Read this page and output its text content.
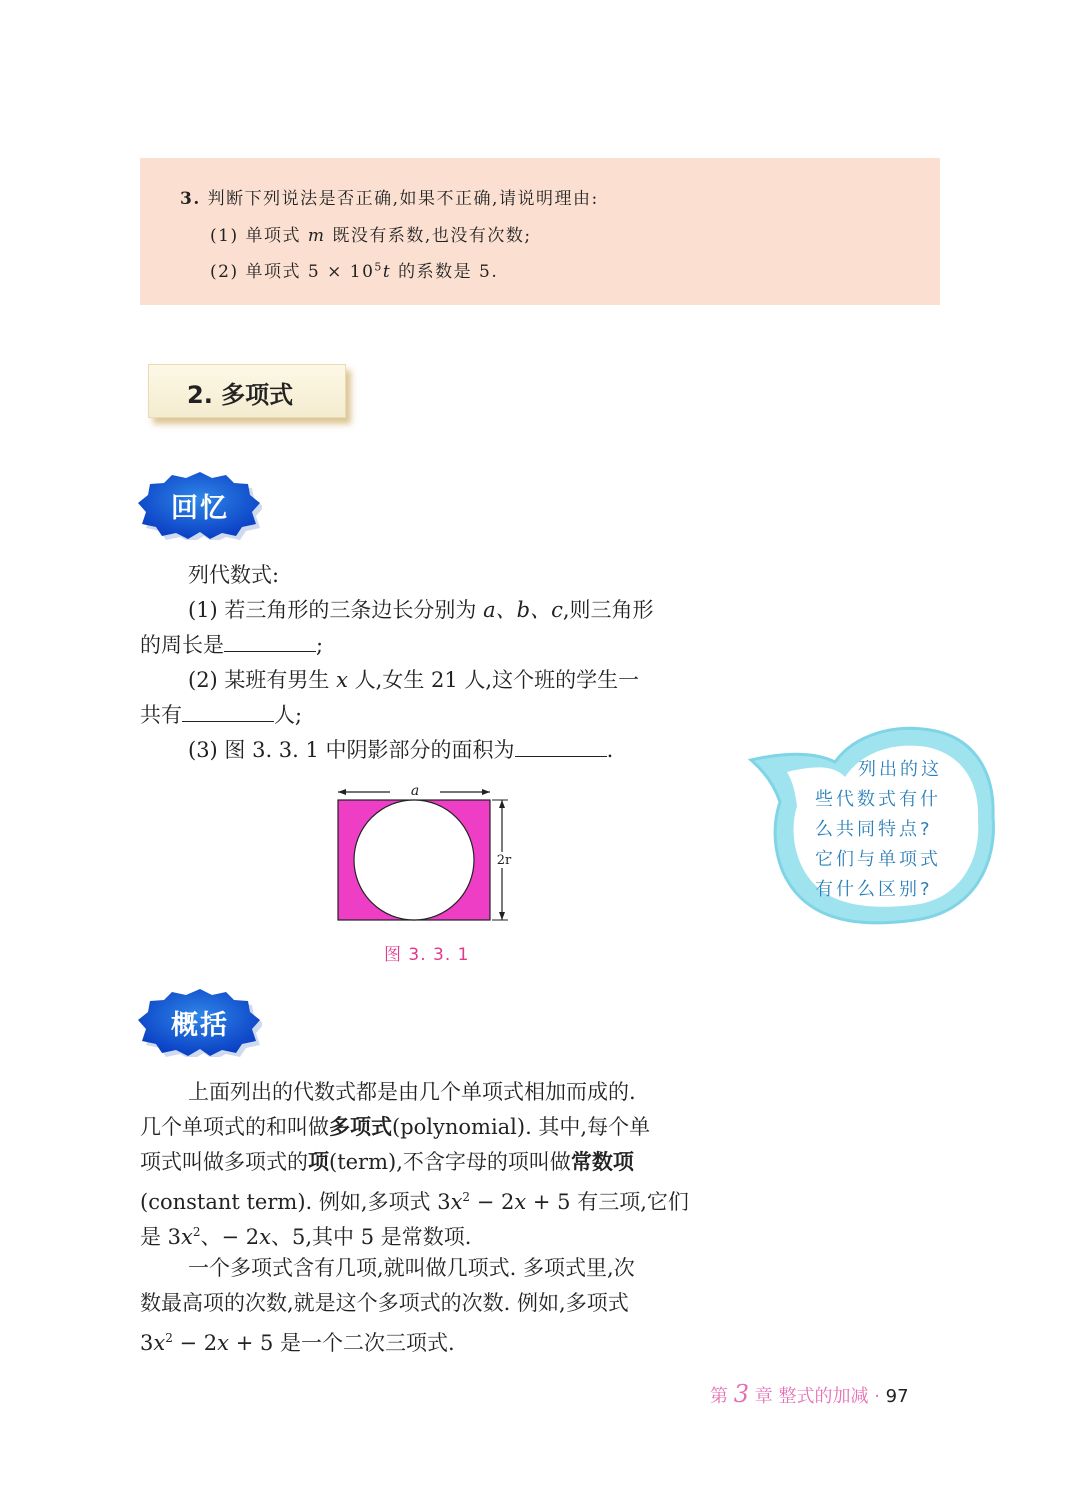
3. 判断下列说法是否正确,如果不正确,请说明理由:
(1) 单项式 m 既没有系数,也没有次数;
(2) 单项式 $5 \times 10^5t$ 的系数是 5.
2. 多项式
回忆
列代数式:
(1) 若三角形的三条边长分别为 a、b、c,则三角形
的周长是	;
(2) 某班有男生 x 人,女生 21 人,这个班的学生一
共有	人;
(3) 图 3. 3. 1 中阴影部分的面积为	.
a
2r
图 3. 3. 1
列出的这
些代数式有什
么共同特点?
它们与单项式
有什么区别?
概括
上面列出的代数式都是由几个单项式相加而成的.
几个单项式的和叫做多项式(polynomial). 其中,每个单
项式叫做多项式的项(term),不含字母的项叫做常数项
(constant term). 例如,多项式 $3x^2 - 2x + 5$ 有三项,它们
是 $3x^2$、− 2x、5,其中 5 是常数项.
一个多项式含有几项,就叫做几项式. 多项式里,次
数最高项的次数,就是这个多项式的次数. 例如,多项式
$3x^2 - 2x + 5$ 是一个二次三项式.
第 3 章 整式的加减 · 97
